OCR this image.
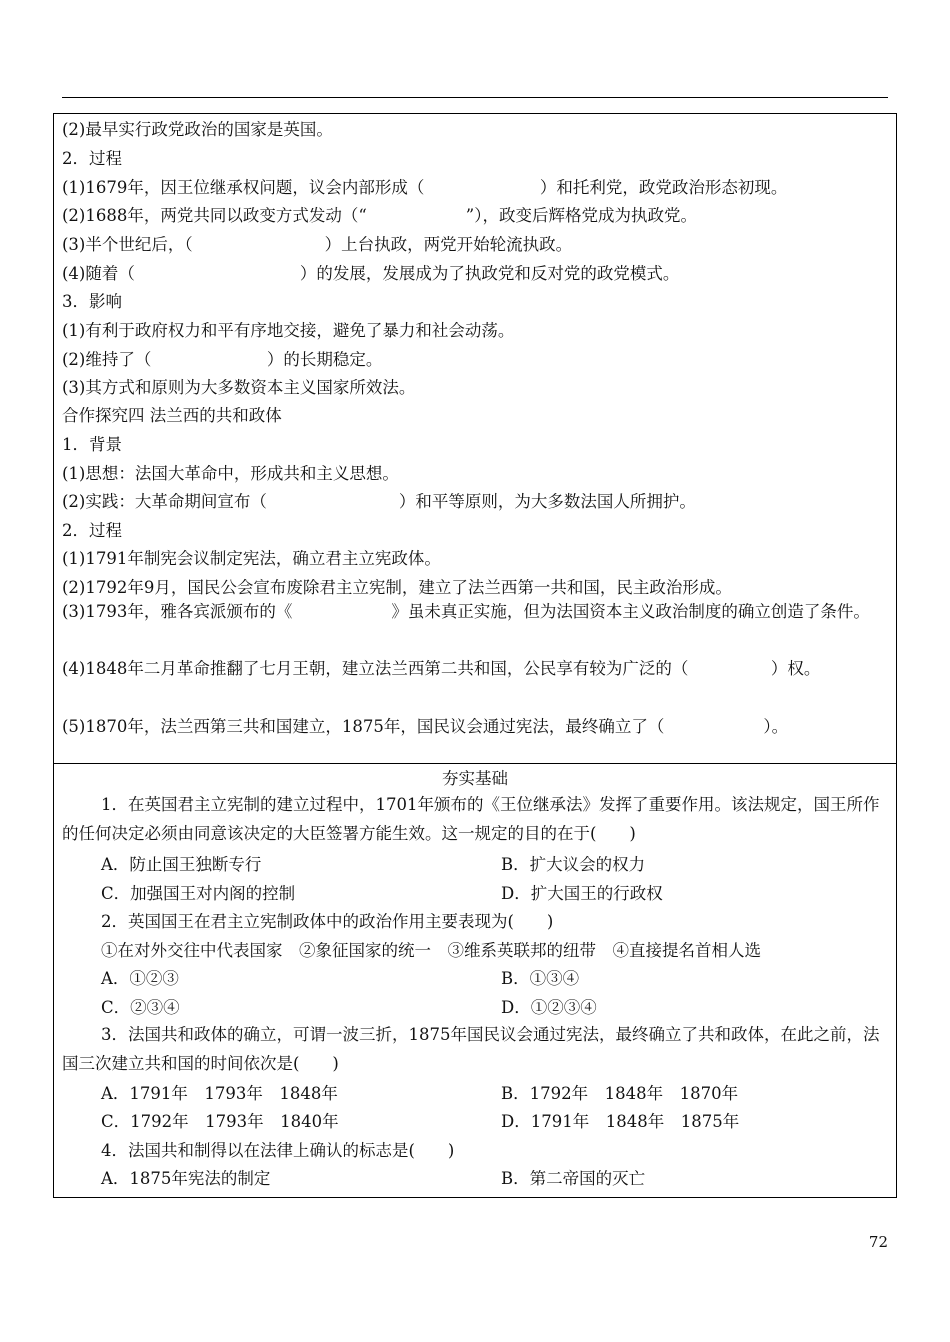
(2)最早实行政党政治的国家是英国。
2．过程
(1)1679年，因王位继承权问题，议会内部形成（　　　　　　　）和托利党，政党政治形态初现。
(2)1688年，两党共同以政变方式发动（“　　　　　　”），政变后辉格党成为执政党。
(3)半个世纪后，（　　　　　　　　）上台执政，两党开始轮流执政。
(4)随着（　　　　　　　　　　）的发展，发展成为了执政党和反对党的政党模式。
3．影响
(1)有利于政府权力和平有序地交接，避免了暴力和社会动荡。
(2)维持了（　　　　　　　）的长期稳定。
(3)其方式和原则为大多数资本主义国家所效法。
合作探究四 法兰西的共和政体
1．背景
(1)思想：法国大革命中，形成共和主义思想。
(2)实践：大革命期间宣布（　　　　　　　　）和平等原则，为大多数法国人所拥护。
2．过程
(1)1791年制宪会议制定宪法，确立君主立宪政体。
(2)1792年9月，国民公会宣布废除君主立宪制，建立了法兰西第一共和国，民主政治形成。
(3)1793年，雅各宾派颁布的《　　　　　　》虽未真正实施，但为法国资本主义政治制度的确立创造了条件。
(4)1848年二月革命推翻了七月王朝，建立法兰西第二共和国，公民享有较为广泛的（　　　　　）权。
(5)1870年，法兰西第三共和国建立，1875年，国民议会通过宪法，最终确立了（　　　　　　）。
夯实基础
1．在英国君主立宪制的建立过程中，1701年颁布的《王位继承法》发挥了重要作用。该法规定，国王所作的任何决定必须由同意该决定的大臣签署方能生效。这一规定的目的在于(　　)
A．防止国王独断专行	B．扩大议会的权力
C．加强国王对内阁的控制	D．扩大国王的行政权
2．英国国王在君主立宪制政体中的政治作用主要表现为(　　)
①在对外交往中代表国家　②象征国家的统一　③维系英联邦的纽带　④直接提名首相人选
A．①②③	B．①③④
C．②③④	D．①②③④
3．法国共和政体的确立，可谓一波三折，1875年国民议会通过宪法，最终确立了共和政体，在此之前，法国三次建立共和国的时间依次是(　　)
A．1791年　1793年　1848年	B．1792年　1848年　1870年
C．1792年　1793年　1840年	D．1791年　1848年　1875年
4．法国共和制得以在法律上确认的标志是(　　)
A．1875年宪法的制定	B．第二帝国的灭亡
72
